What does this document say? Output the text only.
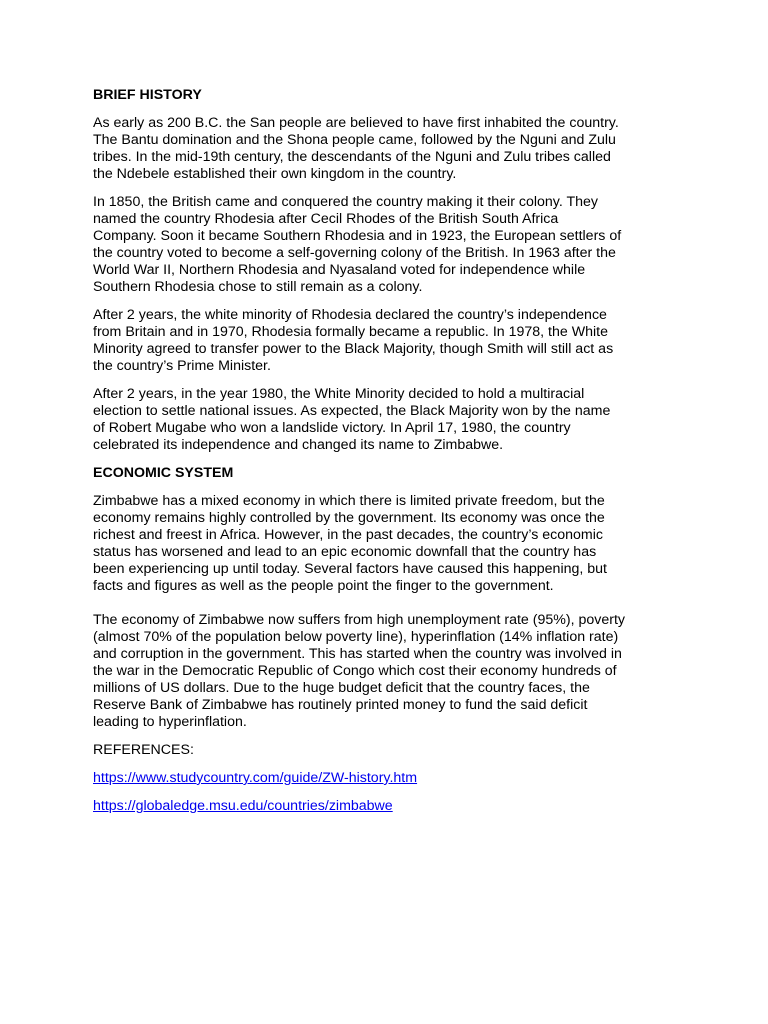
BRIEF HISTORY

As early as 200 B.C. the San people are believed to have first inhabited the country.
The Bantu domination and the Shona people came, followed by the Nguni and Zulu
tribes. In the mid-19th century, the descendants of the Nguni and Zulu tribes called
the Ndebele established their own kingdom in the country.

In 1850, the British came and conquered the country making it their colony. They
named the country Rhodesia after Cecil Rhodes of the British South Africa
Company. Soon it became Southern Rhodesia and in 1923, the European settlers of
the country voted to become a self-governing colony of the British. In 1963 after the
World War II, Northern Rhodesia and Nyasaland voted for independence while
Southern Rhodesia chose to still remain as a colony.

After 2 years, the white minority of Rhodesia declared the country’s independence
from Britain and in 1970, Rhodesia formally became a republic. In 1978, the White
Minority agreed to transfer power to the Black Majority, though Smith will still act as
the country’s Prime Minister.

After 2 years, in the year 1980, the White Minority decided to hold a multiracial
election to settle national issues. As expected, the Black Majority won by the name
of Robert Mugabe who won a landslide victory. In April 17, 1980, the country
celebrated its independence and changed its name to Zimbabwe.

ECONOMIC SYSTEM

Zimbabwe has a mixed economy in which there is limited private freedom, but the
economy remains highly controlled by the government. Its economy was once the
richest and freest in Africa. However, in the past decades, the country’s economic
status has worsened and lead to an epic economic downfall that the country has
been experiencing up until today. Several factors have caused this happening, but
facts and figures as well as the people point the finger to the government.

The economy of Zimbabwe now suffers from high unemployment rate (95%), poverty
(almost 70% of the population below poverty line), hyperinflation (14% inflation rate)
and corruption in the government. This has started when the country was involved in
the war in the Democratic Republic of Congo which cost their economy hundreds of
millions of US dollars. Due to the huge budget deficit that the country faces, the
Reserve Bank of Zimbabwe has routinely printed money to fund the said deficit
leading to hyperinflation.

REFERENCES:
https://www.studycountry.com/guide/ZW-history.htm
https://globaledge.msu.edu/countries/zimbabwe
